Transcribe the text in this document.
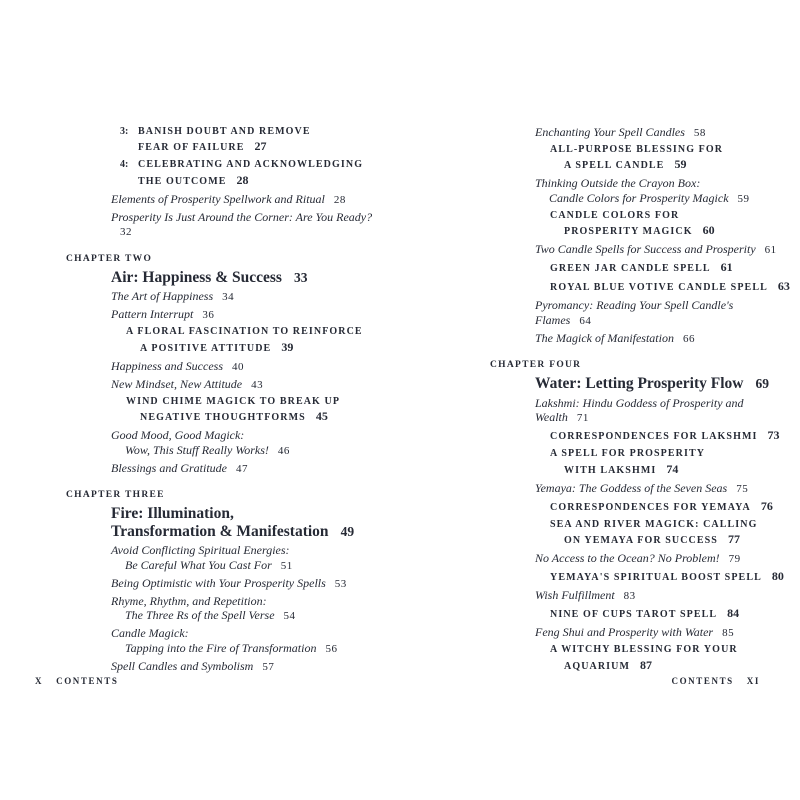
3: BANISH DOUBT AND REMOVE
FEAR OF FAILURE 27
4: CELEBRATING AND ACKNOWLEDGING
THE OUTCOME 28
Elements of Prosperity Spellwork and Ritual 28
Prosperity Is Just Around the Corner: Are You Ready?32
CHAPTER TWO
Air: Happiness & Success 33
The Art of Happiness 34
Pattern Interrupt 36
A FLORAL FASCINATION TO REINFORCE
A POSITIVE ATTITUDE 39
Happiness and Success 40
New Mindset, New Attitude 43
WIND CHIME MAGICK TO BREAK UP
NEGATIVE THOUGHTFORMS 45
Good Mood, Good Magick:
Wow, This Stuff Really Works! 46
Blessings and Gratitude 47
CHAPTER THREE
Fire: Illumination,
Transformation & Manifestation 49
Avoid Conflicting Spiritual Energies:
Be Careful What You Cast For 51
Being Optimistic with Your Prosperity Spells 53
Rhyme, Rhythm, and Repetition:
The Three Rs of the Spell Verse 54
Candle Magick:
Tapping into the Fire of Transformation 56
Spell Candles and Symbolism 57
Enchanting Your Spell Candles 58
ALL-PURPOSE BLESSING FOR
A SPELL CANDLE 59
Thinking Outside the Crayon Box:
Candle Colors for Prosperity Magick 59
CANDLE COLORS FOR
PROSPERITY MAGICK 60
Two Candle Spells for Success and Prosperity 61
GREEN JAR CANDLE SPELL 61
ROYAL BLUE VOTIVE CANDLE SPELL 63
Pyromancy: Reading Your Spell Candle's Flames 64
The Magick of Manifestation 66
CHAPTER FOUR
Water: Letting Prosperity Flow 69
Lakshmi: Hindu Goddess of Prosperity and Wealth 71
CORRESPONDENCES FOR LAKSHMI 73
A SPELL FOR PROSPERITY
WITH LAKSHMI 74
Yemaya: The Goddess of the Seven Seas 75
CORRESPONDENCES FOR YEMAYA 76
SEA AND RIVER MAGICK: CALLING
ON YEMAYA FOR SUCCESS 77
No Access to the Ocean? No Problem! 79
YEMAYA'S SPIRITUAL BOOST SPELL 80
Wish Fulfillment 83
NINE OF CUPS TAROT SPELL 84
Feng Shui and Prosperity with Water 85
A WITCHY BLESSING FOR YOUR
AQUARIUM 87
X CONTENTS	CONTENTS XI
